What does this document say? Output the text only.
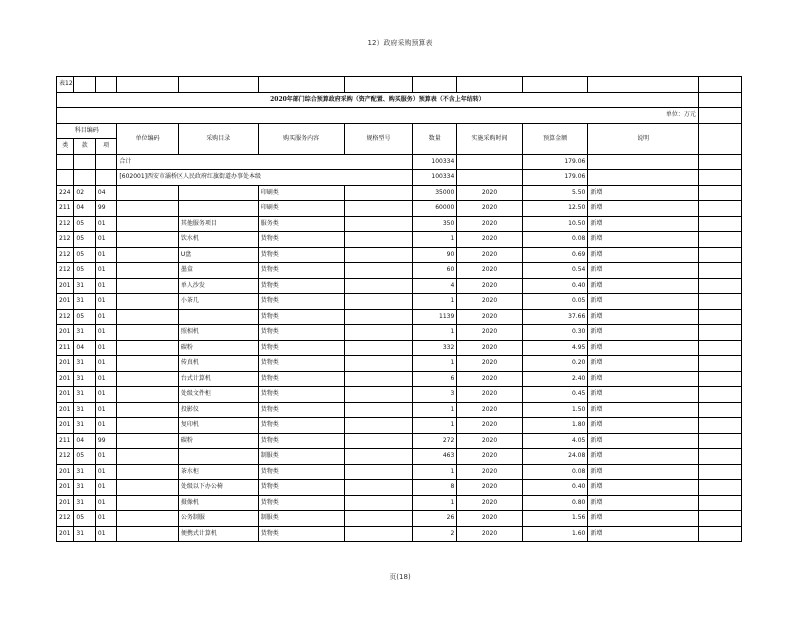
12）政府采购预算表
表12											
2020年部门综合预算政府采购（资产配置、购买服务）预算表（不含上年结转）											
单位：万元											
科目编码			单位编码	采购目录	购买服务内容	规格型号	数量	实施采购时间	预算金额	说明	
类	款	项									
			合计				100334		179.06		
			[602001]西安市灞桥区人民政府红旗街道办事处本级				100334		179.06		
224	02	04			印刷类		35000	2020	5.50	新增	
211	04	99			印刷类		60000	2020	12.50	新增	
212	05	01		其他服务项目	服务类		350	2020	10.50	新增	
212	05	01		饮水机	货物类		1	2020	0.08	新增	
212	05	01		U盘	货物类		90	2020	0.69	新增	
212	05	01		墨盒	货物类		60	2020	0.54	新增	
201	31	01		单人沙发	货物类		4	2020	0.40	新增	
201	31	01		小茶几	货物类		1	2020	0.05	新增	
212	05	01			货物类		1139	2020	37.66	新增	
201	31	01		照相机	货物类		1	2020	0.30	新增	
211	04	01		碳粉	货物类		332	2020	4.95	新增	
201	31	01		传真机	货物类		1	2020	0.20	新增	
201	31	01		台式计算机	货物类		6	2020	2.40	新增	
201	31	01		处级文件柜	货物类		3	2020	0.45	新增	
201	31	01		投影仪	货物类		1	2020	1.50	新增	
201	31	01		复印机	货物类		1	2020	1.80	新增	
211	04	99		碳粉	货物类		272	2020	4.05	新增	
212	05	01			制服类		463	2020	24.08	新增	
201	31	01		茶水柜	货物类		1	2020	0.08	新增	
201	31	01		处级以下办公椅	货物类		8	2020	0.40	新增	
201	31	01		摄像机	货物类		1	2020	0.80	新增	
212	05	01		公务制服	制服类		26	2020	1.56	新增	
201	31	01		便携式计算机	货物类		2	2020	1.60	新增	
页(18)
